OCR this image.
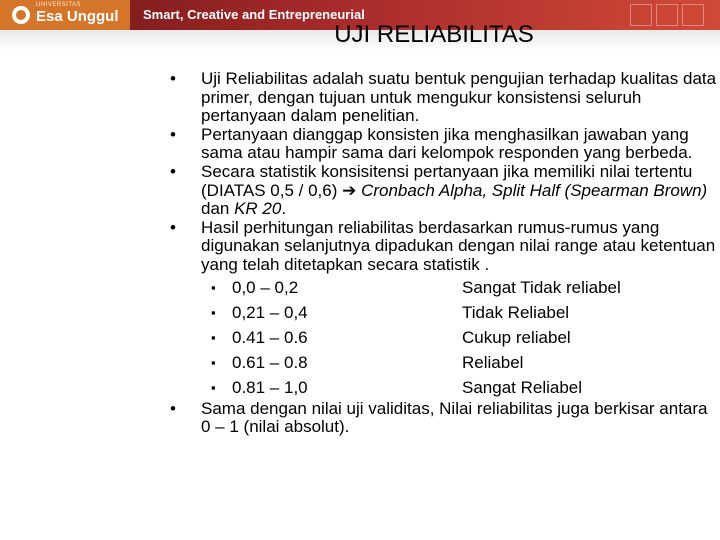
UNIVERSITAS
Esa Unggul Smart, Creative and Entrepreneurial
UJI RELIABILITAS
•	Uji Reliabilitas adalah suatu bentuk pengujian terhadap kualitas data primer, dengan tujuan untuk mengukur konsistensi seluruh pertanyaan dalam penelitian.
•	Pertanyaan dianggap konsisten jika menghasilkan jawaban yang sama atau hampir sama dari kelompok responden yang berbeda.
•	Secara statistik konsisitensi pertanyaan jika memiliki nilai tertentu (DIATAS 0,5 / 0,6) ➔ Cronbach Alpha, Split Half (Spearman Brown) dan KR 20.
•	Hasil perhitungan reliabilitas berdasarkan rumus-rumus yang digunakan selanjutnya dipadukan dengan nilai range atau ketentuan yang telah ditetapkan secara statistik .
▪ 0,0 – 0,2	Sangat Tidak reliabel
▪ 0,21 – 0,4	Tidak Reliabel
▪ 0.41 – 0.6	Cukup reliabel
▪ 0.61 – 0.8	Reliabel
▪ 0.81 – 1,0	Sangat Reliabel
•	Sama dengan nilai uji validitas, Nilai reliabilitas juga berkisar antara 0 – 1 (nilai absolut).
